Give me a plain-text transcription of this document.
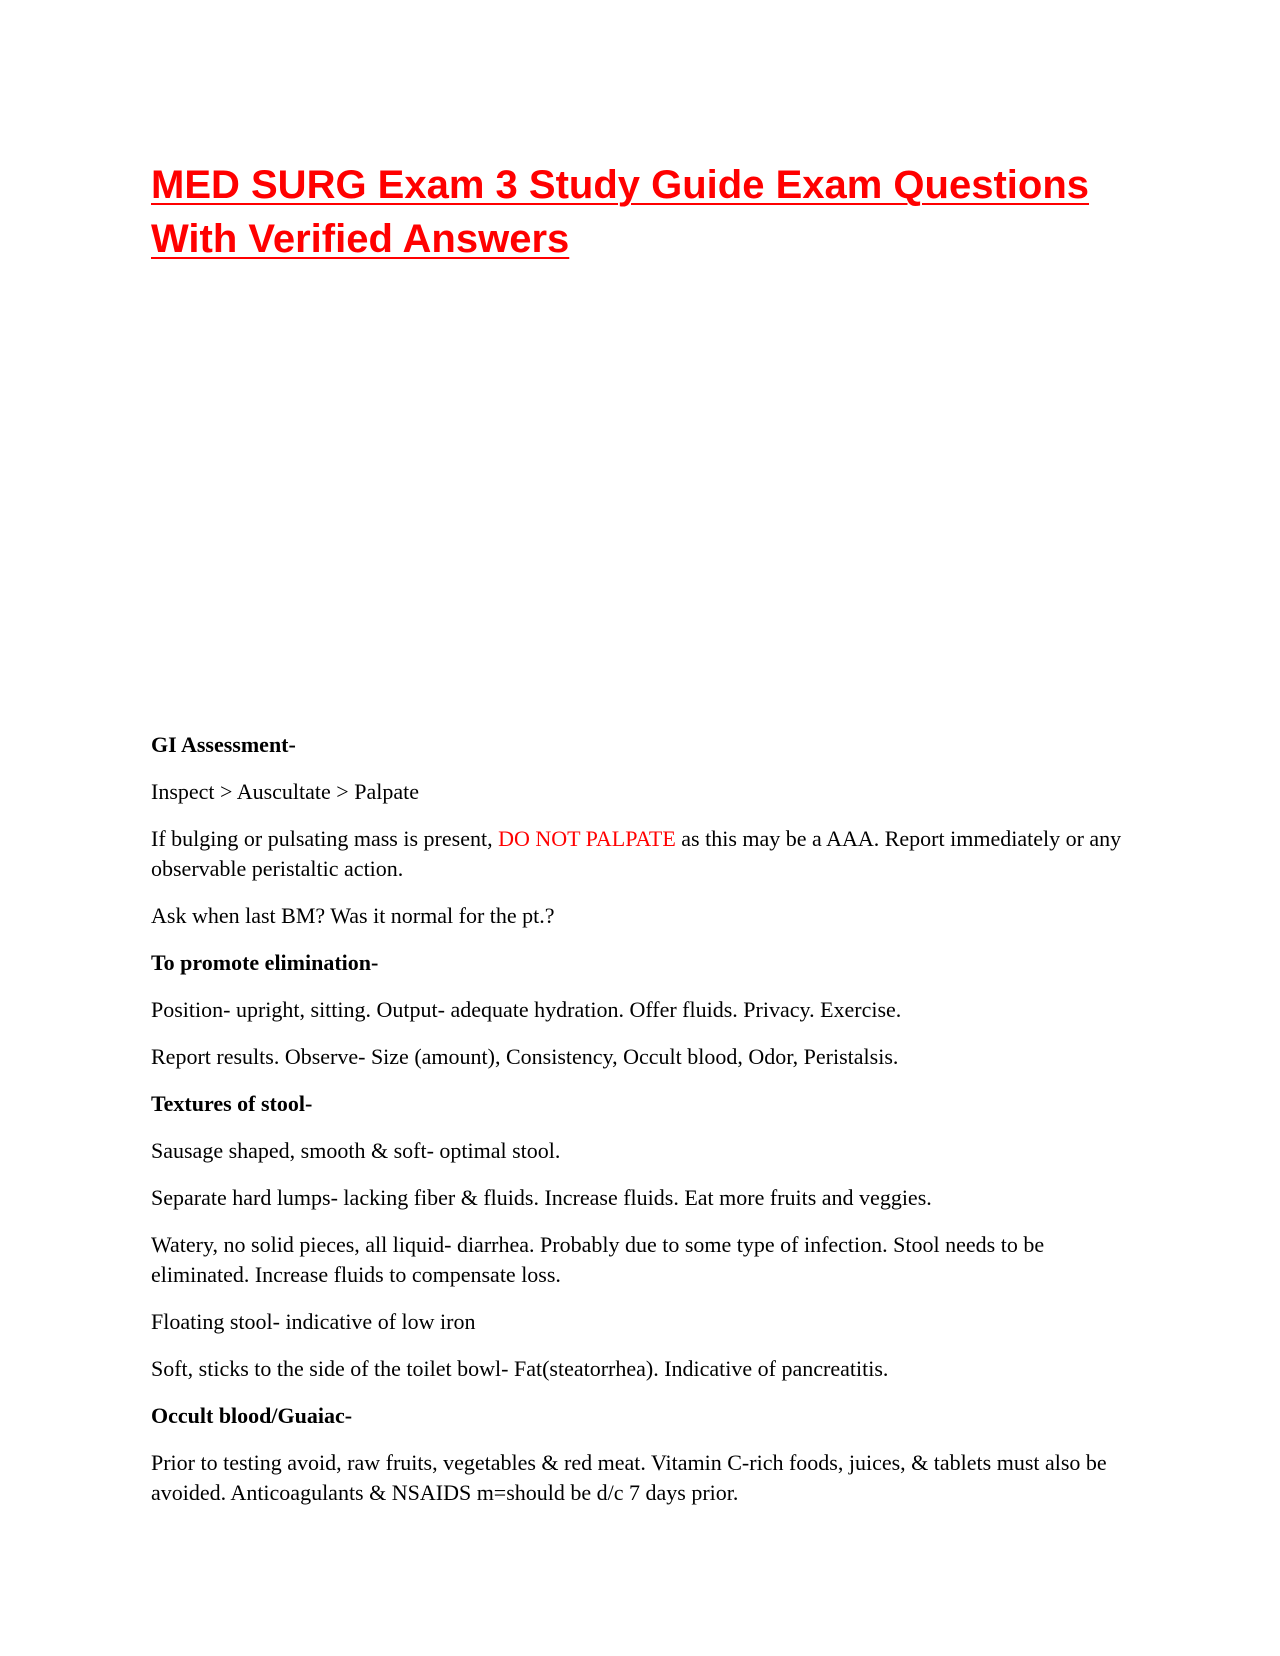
MED SURG Exam 3 Study Guide Exam Questions
With Verified Answers

GI Assessment-

Inspect > Auscultate > Palpate

If bulging or pulsating mass is present, DO NOT PALPATE as this may be a AAA. Report immediately or any observable peristaltic action.

Ask when last BM? Was it normal for the pt.?

To promote elimination-

Position- upright, sitting. Output- adequate hydration. Offer fluids. Privacy. Exercise.

Report results. Observe- Size (amount), Consistency, Occult blood, Odor, Peristalsis.

Textures of stool-

Sausage shaped, smooth & soft- optimal stool.

Separate hard lumps- lacking fiber & fluids. Increase fluids. Eat more fruits and veggies.

Watery, no solid pieces, all liquid- diarrhea. Probably due to some type of infection. Stool needs to be eliminated. Increase fluids to compensate loss.

Floating stool- indicative of low iron

Soft, sticks to the side of the toilet bowl- Fat(steatorrhea). Indicative of pancreatitis.

Occult blood/Guaiac-

Prior to testing avoid, raw fruits, vegetables & red meat. Vitamin C-rich foods, juices, & tablets must also be avoided. Anticoagulants & NSAIDS m=should be d/c 7 days prior.
